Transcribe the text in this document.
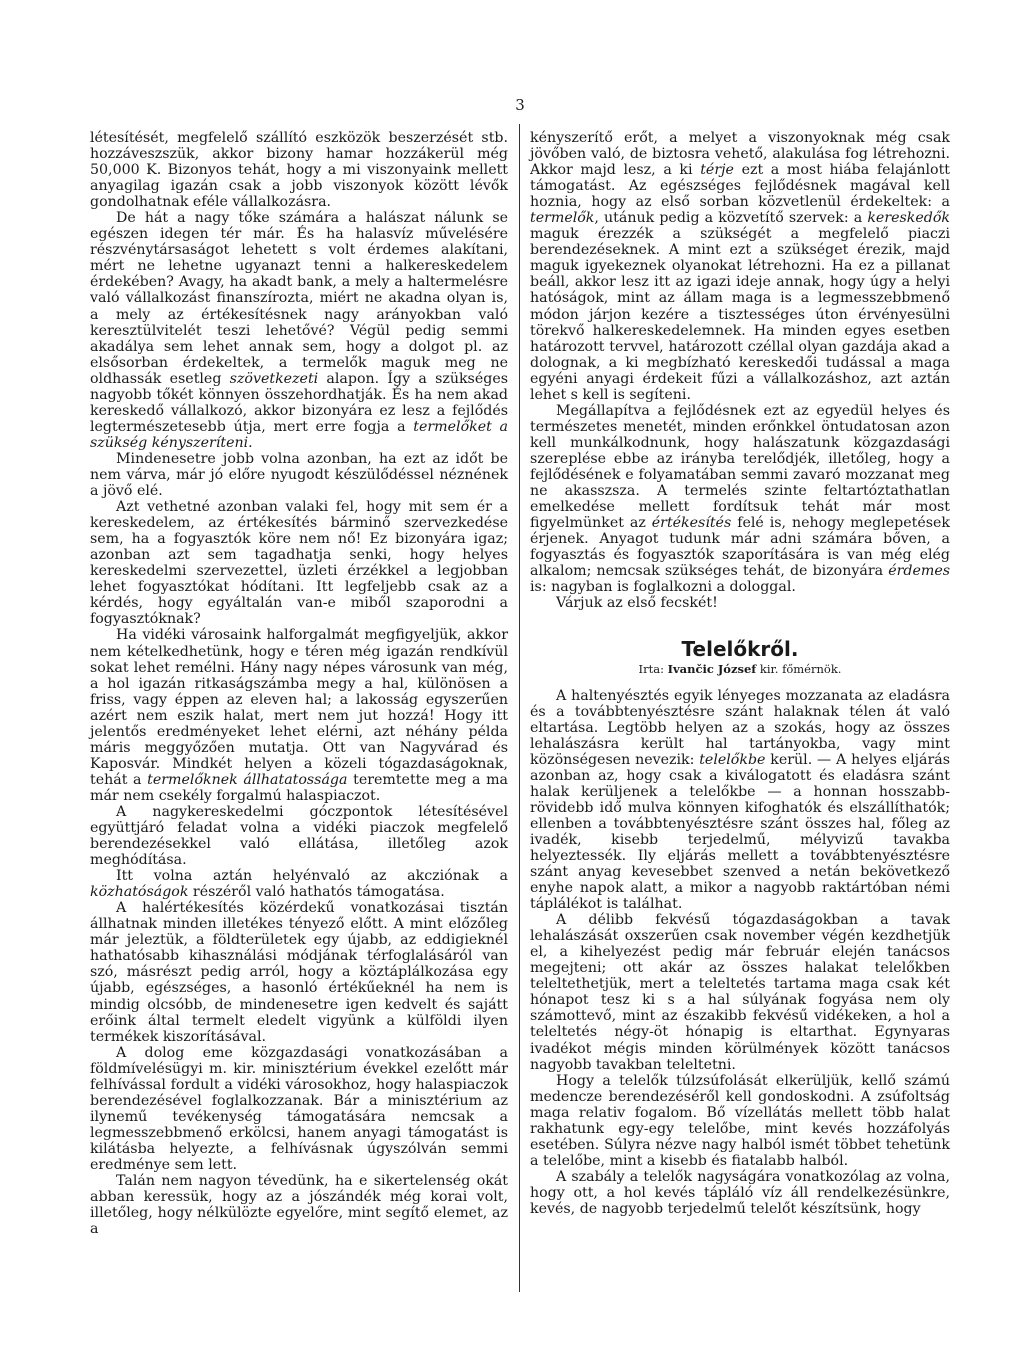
3

létesítését, megfelelő szállító eszközök beszerzését stb. hozzáveszszük, akkor bizony hamar hozzákerül még 50,000 K. Bizonyos tehát, hogy a mi viszonyaink mellett anyagilag igazán csak a jobb viszonyok között lévők gondolhatnak eféle vállalkozásra.

De hát a nagy tőke számára a halászat nálunk se egészen idegen tér már. És ha halasvíz művelésére részvénytársaságot lehetett s volt érdemes alakítani, mért ne lehetne ugyanazt tenni a halkereskedelem érdekében? Avagy, ha akadt bank, a mely a haltermelésre való vállalkozást finanszírozta, miért ne akadna olyan is, a mely az értékesítésnek nagy arányokban való keresztülvitelét teszi lehetővé? Végül pedig semmi akadálya sem lehet annak sem, hogy a dolgot pl. az elsősorban érdekeltek, a termelők maguk meg ne oldhassák esetleg szövetkezeti alapon. Így a szükséges nagyobb tőkét könnyen összehordhatják. És ha nem akad kereskedő vállalkozó, akkor bizonyára ez lesz a fejlődés legtermészetesebb útja, mert erre fogja a termelőket a szükség kényszeríteni.

Mindenesetre jobb volna azonban, ha ezt az időt be nem várva, már jó előre nyugodt készülődéssel néznének a jövő elé.

Azt vethetné azonban valaki fel, hogy mit sem ér a kereskedelem, az értékesítés bárminő szervezkedése sem, ha a fogyasztók köre nem nő! Ez bizonyára igaz; azonban azt sem tagadhatja senki, hogy helyes kereskedelmi szervezettel, üzleti érzékkel a legjobban lehet fogyasztókat hódítani. Itt legfeljebb csak az a kérdés, hogy egyáltalán van-e miből szaporodni a fogyasztóknak?

Ha vidéki városaink halforgalmát megfigyeljük, akkor nem kételkedhetünk, hogy e téren még igazán rendkívül sokat lehet remélni. Hány nagy népes városunk van még, a hol igazán ritkaságszámba megy a hal, különösen a friss, vagy éppen az eleven hal; a lakosság egyszerűen azért nem eszik halat, mert nem jut hozzá! Hogy itt jelentős eredményeket lehet elérni, azt néhány példa máris meggyőzően mutatja. Ott van Nagyvárad és Kaposvár. Mindkét helyen a közeli tógazdaságoknak, tehát a termelőknek állhatatossága teremtette meg a ma már nem csekély forgalmú halaspiaczot.

A nagykereskedelmi góczpontok létesítésével együttjáró feladat volna a vidéki piaczok megfelelő berendezésekkel való ellátása, illetőleg azok meghódítása.

Itt volna aztán helyénvaló az akcziónak a közhatóságok részéről való hathatós támogatása.

A halértékesítés közérdekű vonatkozásai tisztán állhatnak minden illetékes tényező előtt. A mint előzőleg már jeleztük, a földterületek egy újabb, az eddigieknél hathatósabb kihasználási módjának térfoglalásáról van szó, másrészt pedig arról, hogy a köztáplálkozása egy újabb, egészséges, a hasonló értékűeknél ha nem is mindig olcsóbb, de mindenesetre igen kedvelt és sajátt erőink által termelt eledelt vigyünk a külföldi ilyen termékek kiszorításával.

A dolog eme közgazdasági vonatkozásában a földmívelésügyi m. kir. minisztérium évekkel ezelőtt már felhívással fordult a vidéki városokhoz, hogy halaspiaczok berendezésével foglalkozzanak. Bár a minisztérium az ilynemű tevékenység támogatására nemcsak a legmesszebbmenő erkölcsi, hanem anyagi támogatást is kilátásba helyezte, a felhívásnak úgyszólván semmi eredménye sem lett.

Talán nem nagyon tévedünk, ha e sikertelenség okát abban keressük, hogy az a jószándék még korai volt, illetőleg, hogy nélkülözte egyelőre, mint segítő elemet, az a

kényszerítő erőt, a melyet a viszonyoknak még csak jövőben való, de biztosra vehető, alakulása fog létrehozni. Akkor majd lesz, a ki térje ezt a most hiába felajánlott támogatást. Az egészséges fejlődésnek magával kell hoznia, hogy az első sorban közvetlenül érdekeltek: a termelők, utánuk pedig a közvetítő szervek: a kereskedők maguk érezzék a szükségét a megfelelő piaczi berendezéseknek. A mint ezt a szükséget érezik, majd maguk igyekeznek olyanokat létrehozni. Ha ez a pillanat beáll, akkor lesz itt az igazi ideje annak, hogy úgy a helyi hatóságok, mint az állam maga is a legmesszebbmenő módon járjon kezére a tisztességes úton érvényesülni törekvő halkereskedelemnek. Ha minden egyes esetben határozott tervvel, határozott czéllal olyan gazdája akad a dolognak, a ki megbízható kereskedői tudással a maga egyéni anyagi érdekeit fűzi a vállalkozáshoz, azt aztán lehet s kell is segíteni.

Megállapítva a fejlődésnek ezt az egyedül helyes és természetes menetét, minden erőnkkel öntudatosan azon kell munkálkodnunk, hogy halászatunk közgazdasági szereplése ebbe az irányba terelődjék, illetőleg, hogy a fejlődésének e folyamatában semmi zavaró mozzanat meg ne akasszsza. A termelés szinte feltartóztathatlan emelkedése mellett fordítsuk tehát már most figyelmünket az értékesítés felé is, nehogy meglepetések érjenek. Anyagot tudunk már adni számára bőven, a fogyasztás és fogyasztók szaporítására is van még elég alkalom; nemcsak szükséges tehát, de bizonyára érdemes is: nagyban is foglalkozni a dologgal.

Várjuk az első fecskét!

Telelőkről.
Irta: Ivančic József kir. főmérnök.

A haltenyésztés egyik lényeges mozzanata az eladásra és a továbbtenyésztésre szánt halaknak télen át való eltartása. Legtöbb helyen az a szokás, hogy az összes lehalászásra került hal tartányokba, vagy mint közönségesen nevezik: telelőkbe kerül. — A helyes eljárás azonban az, hogy csak a kiválogatott és eladásra szánt halak kerüljenek a telelőkbe — a honnan hosszabb-rövidebb idő mulva könnyen kifoghatók és elszállíthatók; ellenben a továbbtenyésztésre szánt összes hal, főleg az ivadék, kisebb terjedelmű, mélyvizű tavakba helyeztessék. Ily eljárás mellett a továbbtenyésztésre szánt anyag kevesebbet szenved a netán bekövetkező enyhe napok alatt, a mikor a nagyobb raktártóban némi táplálékot is találhat.

A délibb fekvésű tógazdaságokban a tavak lehalászását oxszerűen csak november végén kezdhetjük el, a kihelyezést pedig már február elején tanácsos megejteni; ott akár az összes halakat telelőkben teleltethetjük, mert a teleltetés tartama maga csak két hónapot tesz ki s a hal súlyának fogyása nem oly számottevő, mint az északibb fekvésű vidékeken, a hol a teleltetés négy-öt hónapig is eltarthat. Egynyaras ivadékot mégis minden körülmények között tanácsos nagyobb tavakban teleltetni.

Hogy a telelők túlzsúfolását elkerüljük, kellő számú medencze berendezéséről kell gondoskodni. A zsúfoltság maga relativ fogalom. Bő vízellátás mellett több halat rakhatunk egy-egy telelőbe, mint kevés hozzáfolyás esetében. Súlyra nézve nagy halból ismét többet tehetünk a telelőbe, mint a kisebb és fiatalabb halból.

A szabály a telelők nagyságára vonatkozólag az volna, hogy ott, a hol kevés tápláló víz áll rendelkezésünkre, kevés, de nagyobb terjedelmű telelőt készítsünk, hogy
